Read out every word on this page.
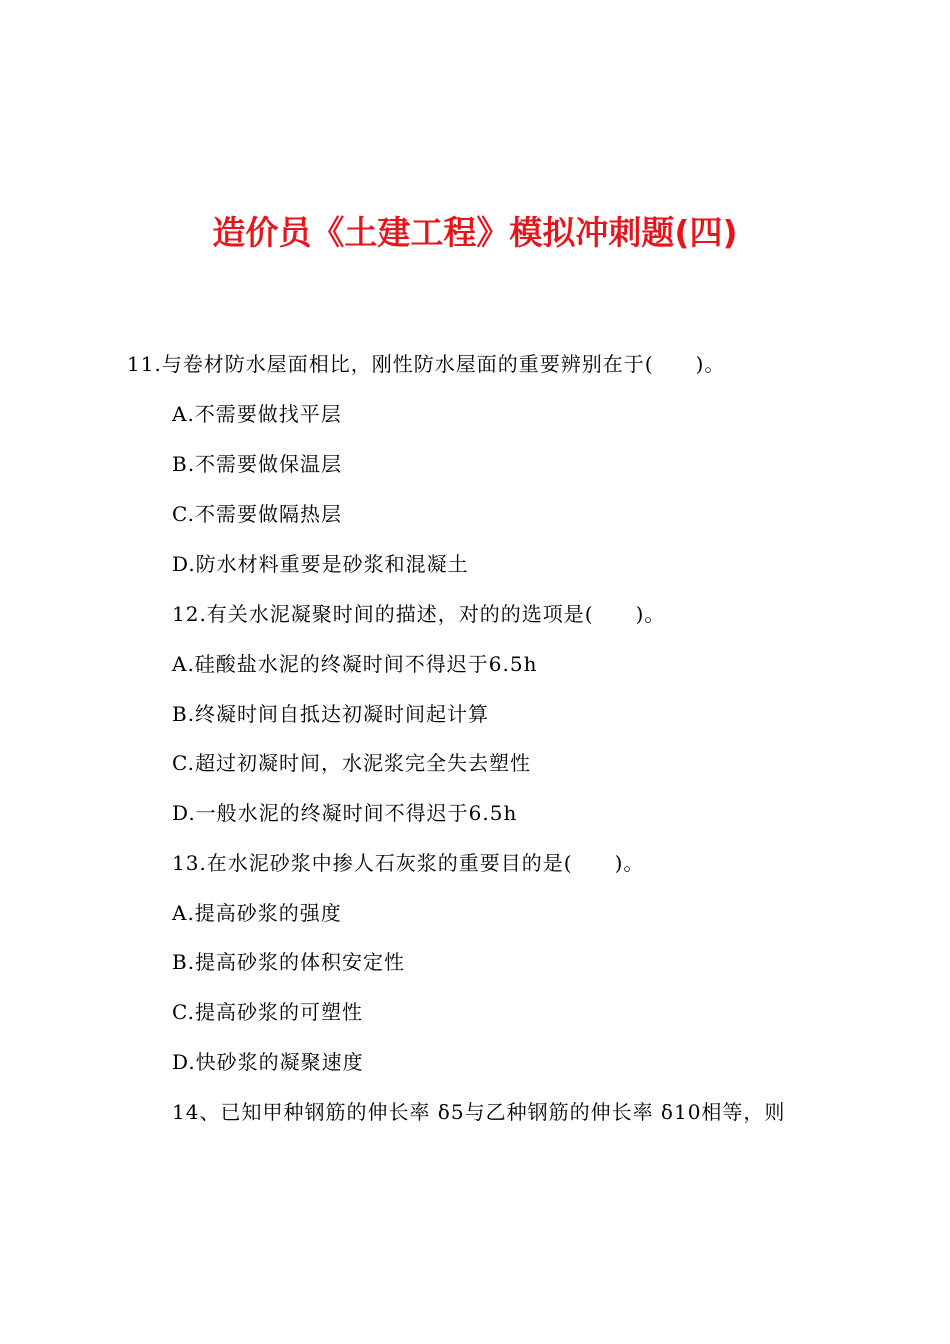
造价员《土建工程》模拟冲刺题(四)
11.与卷材防水屋面相比，刚性防水屋面的重要辨别在于(　　)。
A.不需要做找平层
B.不需要做保温层
C.不需要做隔热层
D.防水材料重要是砂浆和混凝土
12.有关水泥凝聚时间的描述，对的的选项是(　　)。
A.硅酸盐水泥的终凝时间不得迟于6.5h
B.终凝时间自抵达初凝时间起计算
C.超过初凝时间，水泥浆完全失去塑性
D.一般水泥的终凝时间不得迟于6.5h
13.在水泥砂浆中掺人石灰浆的重要目的是(　　)。
A.提高砂浆的强度
B.提高砂浆的体积安定性
C.提高砂浆的可塑性
D.快砂浆的凝聚速度
14、已知甲种钢筋的伸长率 δ5与乙种钢筋的伸长率 δ10相等，则
